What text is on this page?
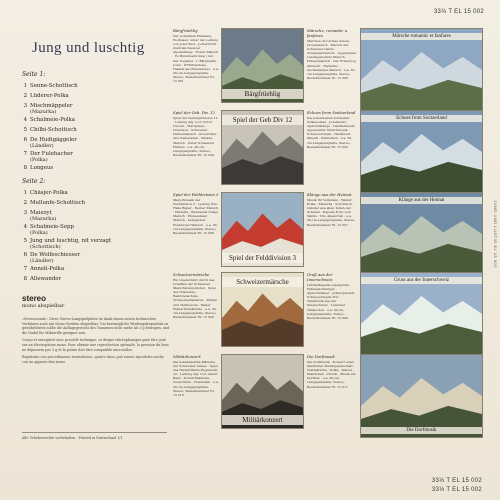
33⅓ T EL 15 002
33⅓ T EL 15 002
33⅓ T EL 15 002
JUNG UND LUSTIG EL 15 002
Jung und luschtig
Seite 1:
1 Senne-Schottisch
2 Lüderer-Polka
3 Mischmäppeler
(Mazurka)
4 Schalmeie-Polka
5 Chilbi-Schottisch
6 De Hudigäggeler
(Ländler)
7 Der Fulehacher
(Polka)
8 Longeus
Seite 2:
1 Chäsjer-Polka
2 Mullunfe-Schottisch
3 Maiezyt
(Mazurka)
4 Schalmeie-Sepp
(Polka)
5 Jung und luschtig, nit verzagt
(Schottisch)
6 De Wolfeschiesser
(Ländler)
7 Anneli-Polka
8 Allewander
stereo
mono abspielbar

»Stereosound«: Diese Stereo-Langspielplatte ist dank einem neuen technischen Verfahren auch mit Mono-Geräten abspielbar. Um bestmögliche Wiedergabequalität zu gewährleisten sollte die Auflagegewicht des Tonarmes nicht mehr als 3 g betragen, und die Nadel für Mikrorille geeignet sein.

Conçu et enregistré avec procédé technique, ce disque stéréophonique peut être joué sur un électrophone mono. Pour obtenir une reproduction optimale, la pression du bras ne dépassera pas 3 g et la pointe doit être compatible microsillon.

Registrato con procedimento stereofonico, questo disco può essere riprodotto anche con un apparecchio mono.

Alle Urheberrechte vorbehalten · Printed in Switzerland 1/1
Bärgfrüehlig
Der Jodlerklub Heimelig, Wolhusen, unter der Leitung von Josef Zust · Jodlerdörfli · Zentralschweizer Alpenklänge · Rondo Märsch · Es Burebüebli mag i nid · Der Vogellisi · s' Bärgmatte-Jodel · D'Hüttebüebe · Heimat am Brienzersee · u.a. 30-cm-Langspielplatte, Stereo, Bestellnummer EL 15 001
Bärgfrüehlig
Märsche, romantic u. fanfares
Marches de l'armée Suisse · Grossmarsch · Marsch der Schweizer Garde · Grenadiermarsch · Appenzeller Landsgemeinde Marsch · Fahnenmarsch · Der Erzherzog Albrecht · Radetzky · Sechseläuten Marsch · u.a. 30-cm-Langspielplatte, Stereo, Bestellnummer EL 15 003
Märsche romantic et fanfares
Spiel der Geb. Div. 12
Spiel der Gebirgsdivision 12 · Leitung Adj. Uof. Victor Nicolet · Marignano · Grandson · Schweizer Fahnenmarsch · Kreuzritter · Alte Kameraden · Parade-Marsch · Unter Schweizer Fahnen · u.a. 30-cm-Langspielplatte, Stereo, Bestellnummer EL 15 004
Spiel der Geb Div 12
Echoes from Switzerland
Die beliebtesten Schweizer Volksweisen · Jodellieder · Alphornklänge · Ländlermusik · Appenzeller Streichmusik · Schwyzerörgeli · Hackbrett · Zäuerli · Kuhreihen · u.a. 30-cm-Langspielplatte, Stereo, Bestellnummer EL 15 005
Echoes from Switzerland
Spiel der Felddivision 3
Marschmusik der Felddivision 3 · Leitung Wm. Hans Bigler · Berner Marsch · Helvetia · Bundesrat Gnägi Marsch · Emmentaler Marsch · Sempacher · Freiburger Marsch · u.a. 30-cm-Langspielplatte, Stereo, Bestellnummer EL 15 006
Spiel der Felddivision 3
Klänge aus der Heimat
Musik für Volkstanz · Walzer · Polka · Mazurka · Schottisch · Ländler aus allen Teilen der Schweiz · Kapelle Echo vom Säntis · Trio Alpenrösli · u.a. 30-cm-Langspielplatte, Stereo, Bestellnummer EL 15 007
Klänge aus der Heimat
Schweizermärsche
Ein Querschnitt durch das Schaffen der Schweizer Marschkomponisten · Spiel der Infanterie-Rekrutenschule · Trompetenfanfaren · Pfeifer und Tambouren · Basler Fasnachtsmärsche · u.a. 30-cm-Langspielplatte, Stereo, Bestellnummer EL 15 008
Schweizermärsche
Gruß aus der Innerschweiz
Ländlerkapelle Alpengruss · Fahnenschwinger · Alphornbläser · Jodlerquartett · Schwyzerörgeli-Trio · Tanzmusik aus der Innerschweiz · Luzerner Tanzboden · u.a. 30-cm-Langspielplatte, Stereo, Bestellnummer EL 15 009
Gruss aus der Innerschweiz
Militärkonzert
Die bekanntesten Märsche der Schweizer Armee · Spiel des Feldartillerie-Regiments 10 · Leitung Adj. Uof. Albert Benz · Konzertmärsche · Ouvertüren · Festmusik · u.a. 30-cm-Langspielplatte, Stereo, Bestellnummer EL 15 010
Militärkonzert
Die Dorfmusik
Die Dorfmusik · Konzert einer ländlichen Musikgesellschaft · Festmärsche · Polka · Walzer · Ständchen · Choral · Musik am Dorffest · u.a. 30-cm-Langspielplatte, Stereo, Bestellnummer EL 15 011
Die Dorfmusik
